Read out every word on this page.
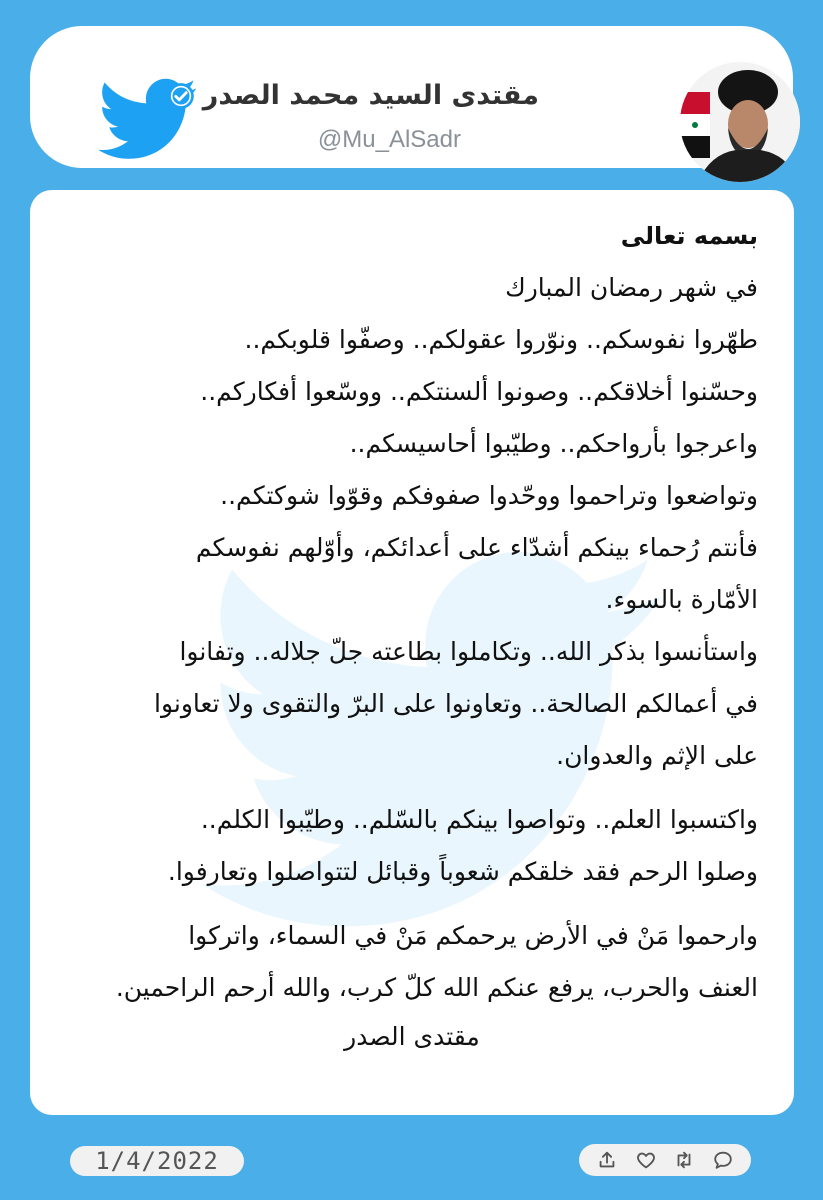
مقتدى السيد محمد الصدر
@Mu_AlSadr
بسمه تعالى
في شهر رمضان المبارك
طهّروا نفوسكم.. ونوّروا عقولكم.. وصفّوا قلوبكم..
وحسّنوا أخلاقكم.. وصونوا ألسنتكم.. ووسّعوا أفكاركم..
واعرجوا بأرواحكم.. وطيّبوا أحاسيسكم..
وتواضعوا وتراحموا ووحّدوا صفوفكم وقوّوا شوكتكم..
فأنتم رُحماء بينكم أشدّاء على أعدائكم، وأوّلهم نفوسكم
الأمّارة بالسوء.
واستأنسوا بذكر الله.. وتكاملوا بطاعته جلّ جلاله.. وتفانوا
في أعمالكم الصالحة.. وتعاونوا على البرّ والتقوى ولا تعاونوا
على الإثم والعدوان.
واكتسبوا العلم.. وتواصوا بينكم بالسّلم.. وطيّبوا الكلم..
وصلوا الرحم فقد خلقكم شعوباً وقبائل لتتواصلوا وتعارفوا.
وارحموا مَنْ في الأرض يرحمكم مَنْ في السماء، واتركوا
العنف والحرب، يرفع عنكم الله كلّ كرب، والله أرحم الراحمين.
مقتدى الصدر
1/4/2022
